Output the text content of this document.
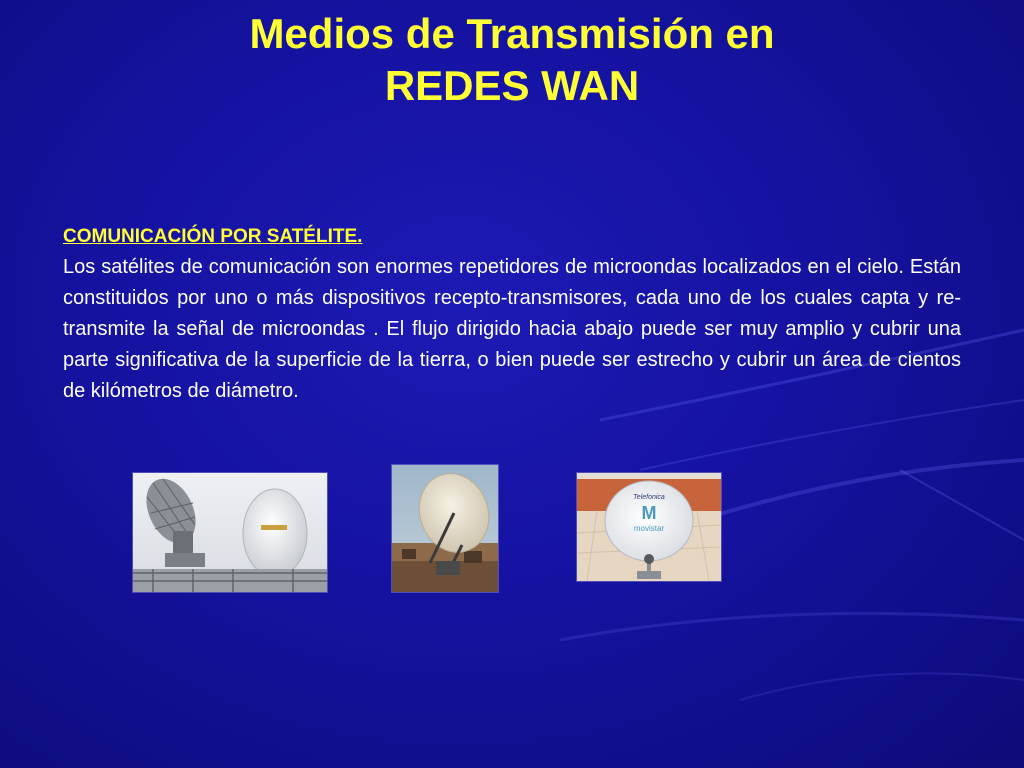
Medios de Transmisión en
REDES WAN
COMUNICACIÓN POR SATÉLITE.

Los satélites de comunicación son enormes repetidores de microondas localizados en el cielo. Están constituidos por uno o más dispositivos recepto-transmisores, cada uno de los cuales capta y re-transmite la señal de microondas . El flujo dirigido hacia abajo puede ser muy amplio y cubrir una parte significativa de la superficie de la tierra, o bien puede ser estrecho y cubrir un área de cientos de kilómetros de diámetro.

Telefonica
M
movistar
